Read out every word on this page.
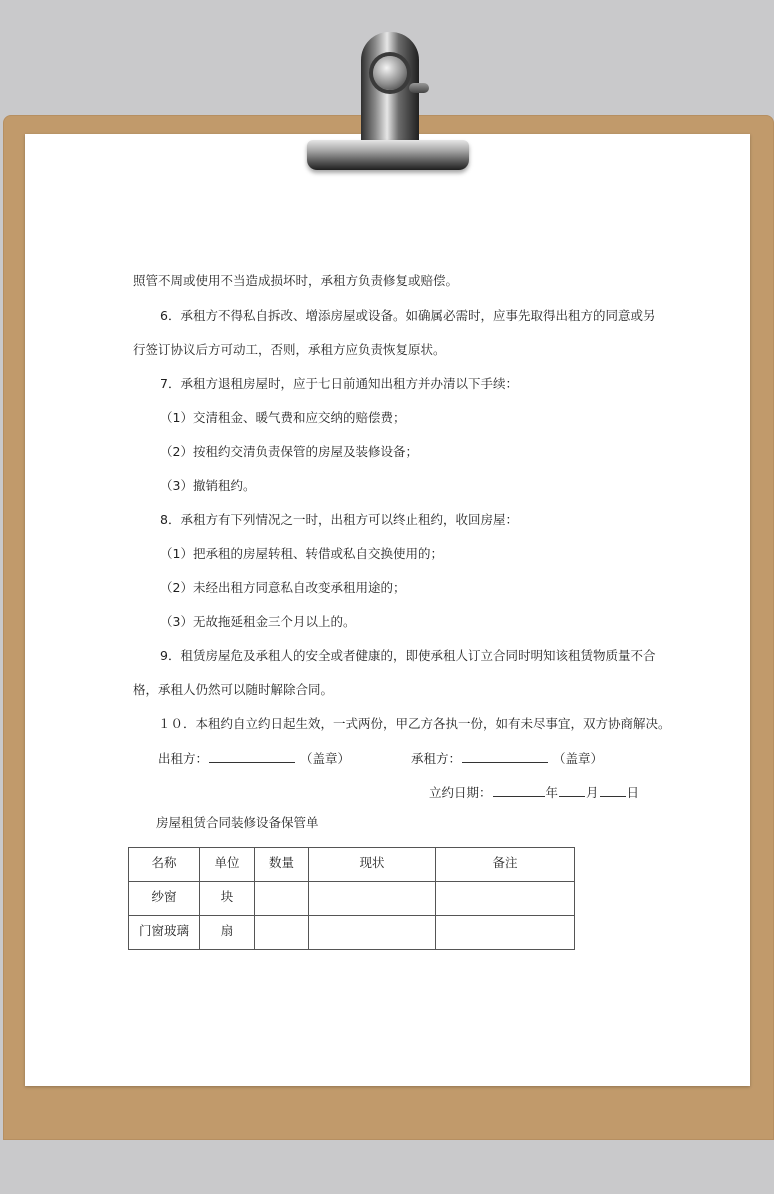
照管不周或使用不当造成损坏时，承租方负责修复或赔偿。

6．承租方不得私自拆改、增添房屋或设备。如确属必需时，应事先取得出租方的同意或另

行签订协议后方可动工，否则，承租方应负责恢复原状。

7．承租方退租房屋时，应于七日前通知出租方并办清以下手续：

（1）交清租金、暖气费和应交纳的赔偿费；

（2）按租约交清负责保管的房屋及装修设备；

（3）撤销租约。

8．承租方有下列情况之一时，出租方可以终止租约，收回房屋：

（1）把承租的房屋转租、转借或私自交换使用的；

（2）未经出租方同意私自改变承租用途的；

（3）无故拖延租金三个月以上的。

9．租赁房屋危及承租人的安全或者健康的，即使承租人订立合同时明知该租赁物质量不合

格，承租人仍然可以随时解除合同。

１０．本租约自立约日起生效，一式两份，甲乙方各执一份，如有未尽事宜，双方协商解决。

出租方：	（盖章）	承租方：	（盖章）
立约日期：	年 月 日
房屋租赁合同装修设备保管单
名称	单位	数量	现状	备注
纱窗	块			
门窗玻璃	扇			
